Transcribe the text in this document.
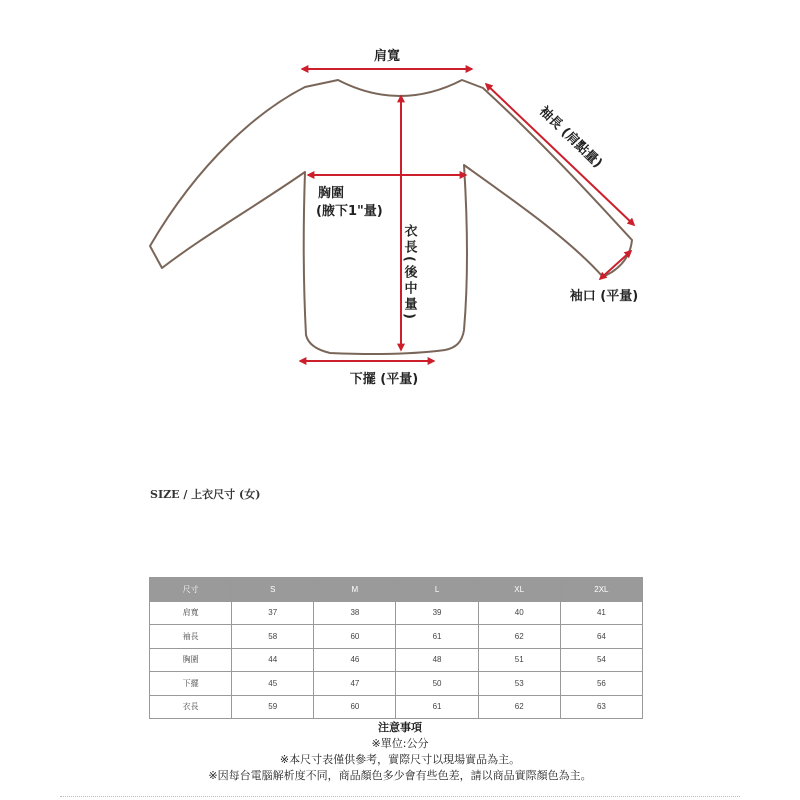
肩寬
袖長 (肩點量)
胸圍
(腋下1"量)
衣長(後中量)	袖口 (平量)
下擺 (平量)
SIZE / 上衣尺寸 (女)
尺寸	S	M	L	XL	2XL
肩寬	37	38	39	40	41
袖長	58	60	61	62	64
胸圍	44	46	48	51	54
下擺	45	47	50	53	56
衣長	59	60	61	62	63
注意事項
※單位:公分
※本尺寸表僅供參考，實際尺寸以現場實品為主。
※因每台電腦解析度不同，商品顏色多少會有些色差，請以商品實際顏色為主。
